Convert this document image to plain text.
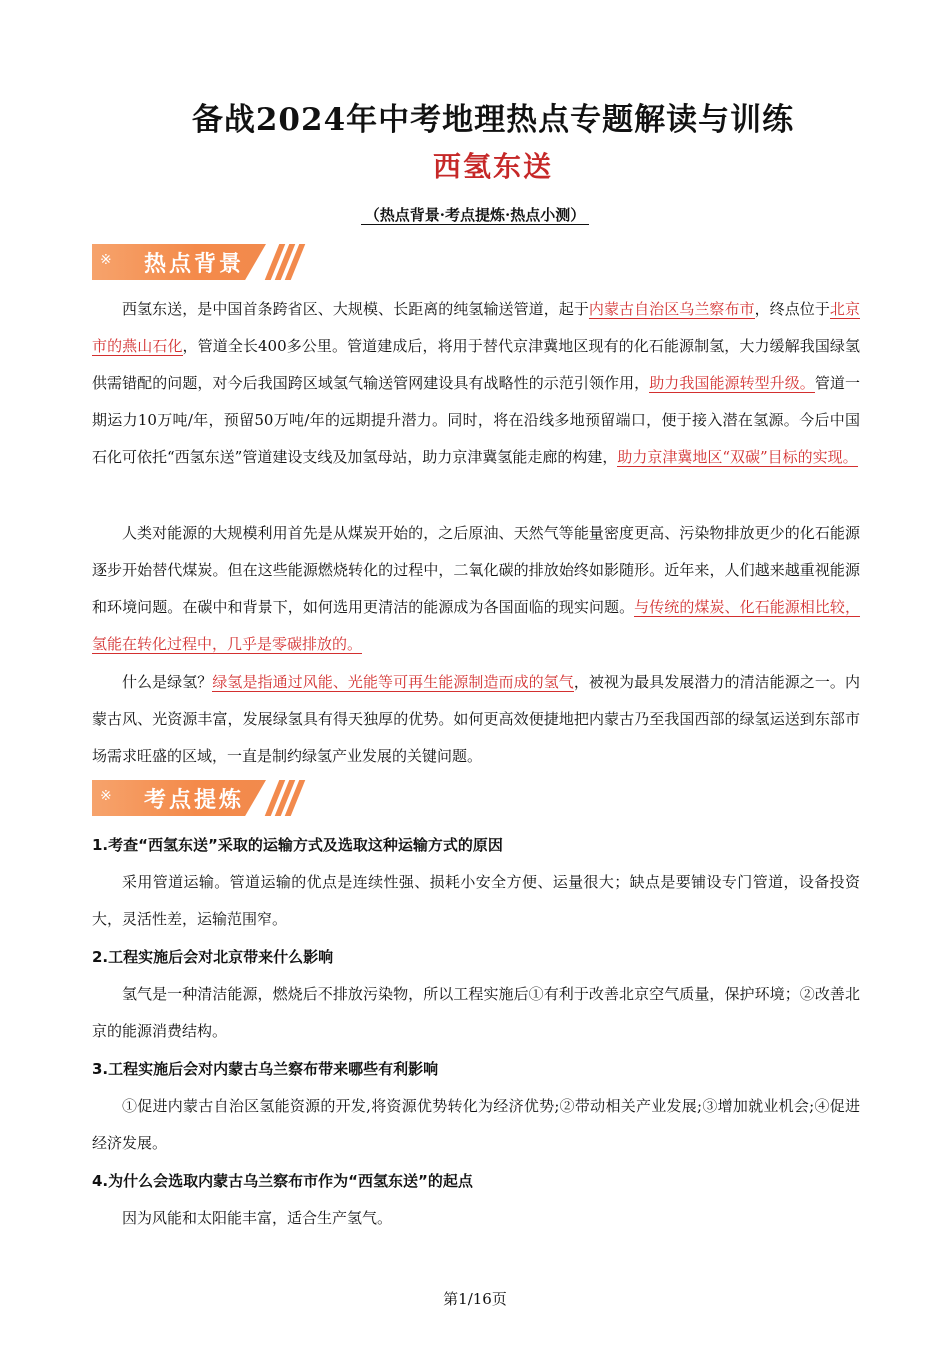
备战2024年中考地理热点专题解读与训练
西氢东送
（热点背景·考点提炼·热点小测）
※ 热点背景
西氢东送，是中国首条跨省区、大规模、长距离的纯氢输送管道，起于内蒙古自治区乌兰察布市，终点位于北京市的燕山石化，管道全长400多公里。管道建成后，将用于替代京津冀地区现有的化石能源制氢，大力缓解我国绿氢供需错配的问题，对今后我国跨区域氢气输送管网建设具有战略性的示范引领作用，助力我国能源转型升级。管道一期运力10万吨/年，预留50万吨/年的远期提升潜力。同时，将在沿线多地预留端口，便于接入潜在氢源。今后中国石化可依托“西氢东送”管道建设支线及加氢母站，助力京津冀氢能走廊的构建，助力京津冀地区“双碳”目标的实现。
人类对能源的大规模利用首先是从煤炭开始的，之后原油、天然气等能量密度更高、污染物排放更少的化石能源逐步开始替代煤炭。但在这些能源燃烧转化的过程中，二氧化碳的排放始终如影随形。近年来，人们越来越重视能源和环境问题。在碳中和背景下，如何选用更清洁的能源成为各国面临的现实问题。与传统的煤炭、化石能源相比较，氢能在转化过程中，几乎是零碳排放的。
什么是绿氢？绿氢是指通过风能、光能等可再生能源制造而成的氢气，被视为最具发展潜力的清洁能源之一。内蒙古风、光资源丰富，发展绿氢具有得天独厚的优势。如何更高效便捷地把内蒙古乃至我国西部的绿氢运送到东部市场需求旺盛的区域，一直是制约绿氢产业发展的关键问题。
※ 考点提炼
1.考查“西氢东送”采取的运输方式及选取这种运输方式的原因
采用管道运输。管道运输的优点是连续性强、损耗小安全方便、运量很大；缺点是要铺设专门管道，设备投资大，灵活性差，运输范围窄。
2.工程实施后会对北京带来什么影响
氢气是一种清洁能源，燃烧后不排放污染物，所以工程实施后①有利于改善北京空气质量，保护环境；②改善北京的能源消费结构。
3.工程实施后会对内蒙古乌兰察布带来哪些有利影响
①促进内蒙古自治区氢能资源的开发,将资源优势转化为经济优势;②带动相关产业发展;③增加就业机会;④促进经济发展。
4.为什么会选取内蒙古乌兰察布市作为“西氢东送”的起点
因为风能和太阳能丰富，适合生产氢气。
第1/16页
